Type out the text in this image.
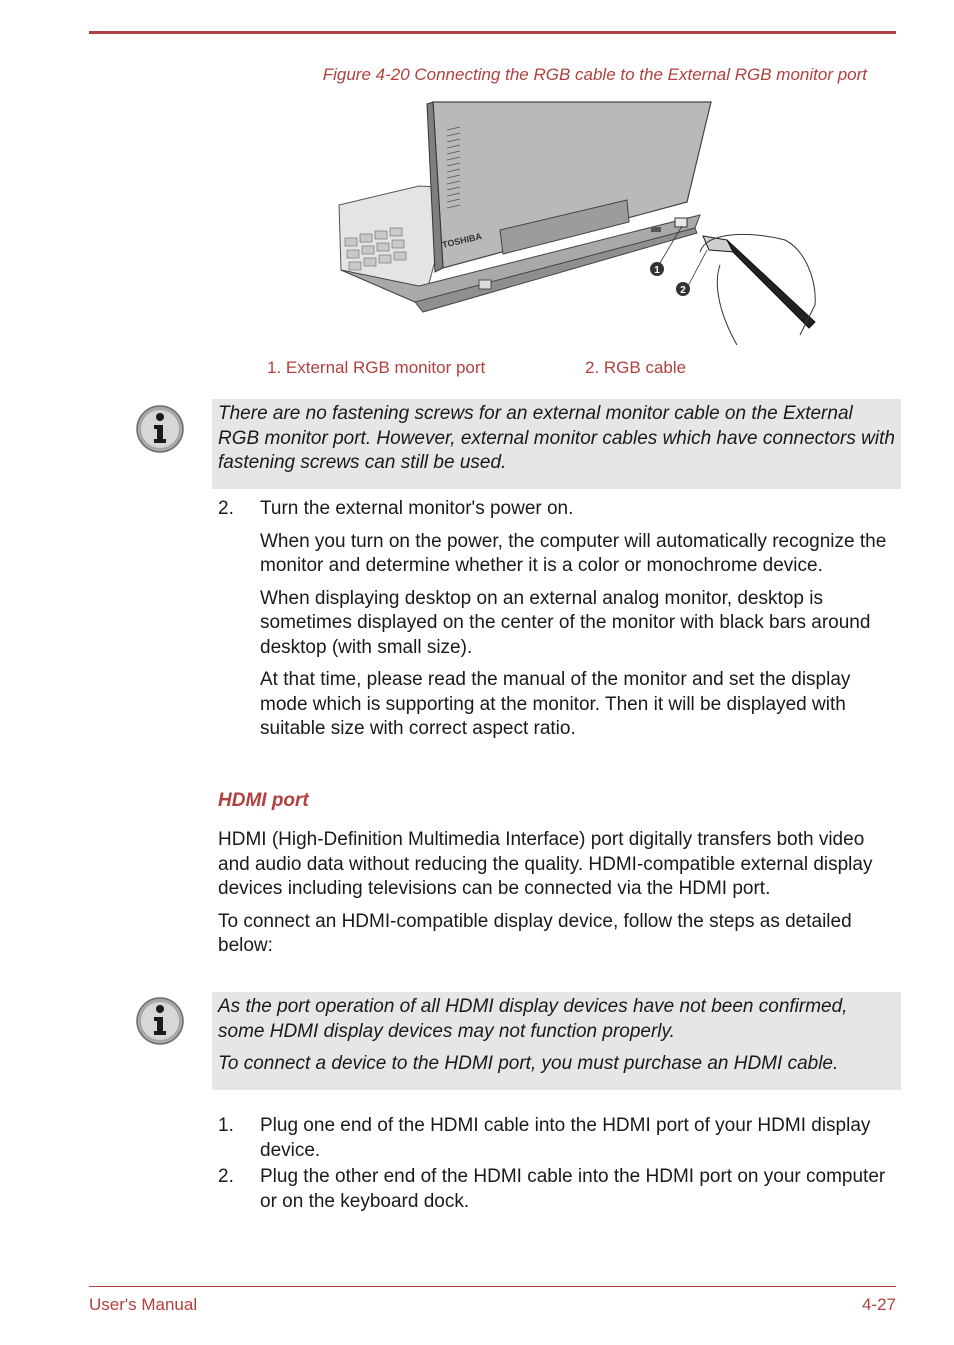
Figure 4-20 Connecting the RGB cable to the External RGB monitor port
TOSHIBA
1
2
1. External RGB monitor port	2. RGB cable

There are no fastening screws for an external monitor cable on the External RGB monitor port. However, external monitor cables which have connectors with fastening screws can still be used.

2.	Turn the external monitor's power on.

When you turn on the power, the computer will automatically recognize the monitor and determine whether it is a color or monochrome device.

When displaying desktop on an external analog monitor, desktop is sometimes displayed on the center of the monitor with black bars around desktop (with small size).

At that time, please read the manual of the monitor and set the display mode which is supporting at the monitor. Then it will be displayed with suitable size with correct aspect ratio.

HDMI port

HDMI (High-Definition Multimedia Interface) port digitally transfers both video and audio data without reducing the quality. HDMI-compatible external display devices including televisions can be connected via the HDMI port.

To connect an HDMI-compatible display device, follow the steps as detailed below:

As the port operation of all HDMI display devices have not been confirmed, some HDMI display devices may not function properly.

To connect a device to the HDMI port, you must purchase an HDMI cable.

1.	Plug one end of the HDMI cable into the HDMI port of your HDMI display device.
2.	Plug the other end of the HDMI cable into the HDMI port on your computer or on the keyboard dock.
User's Manual	4-27
